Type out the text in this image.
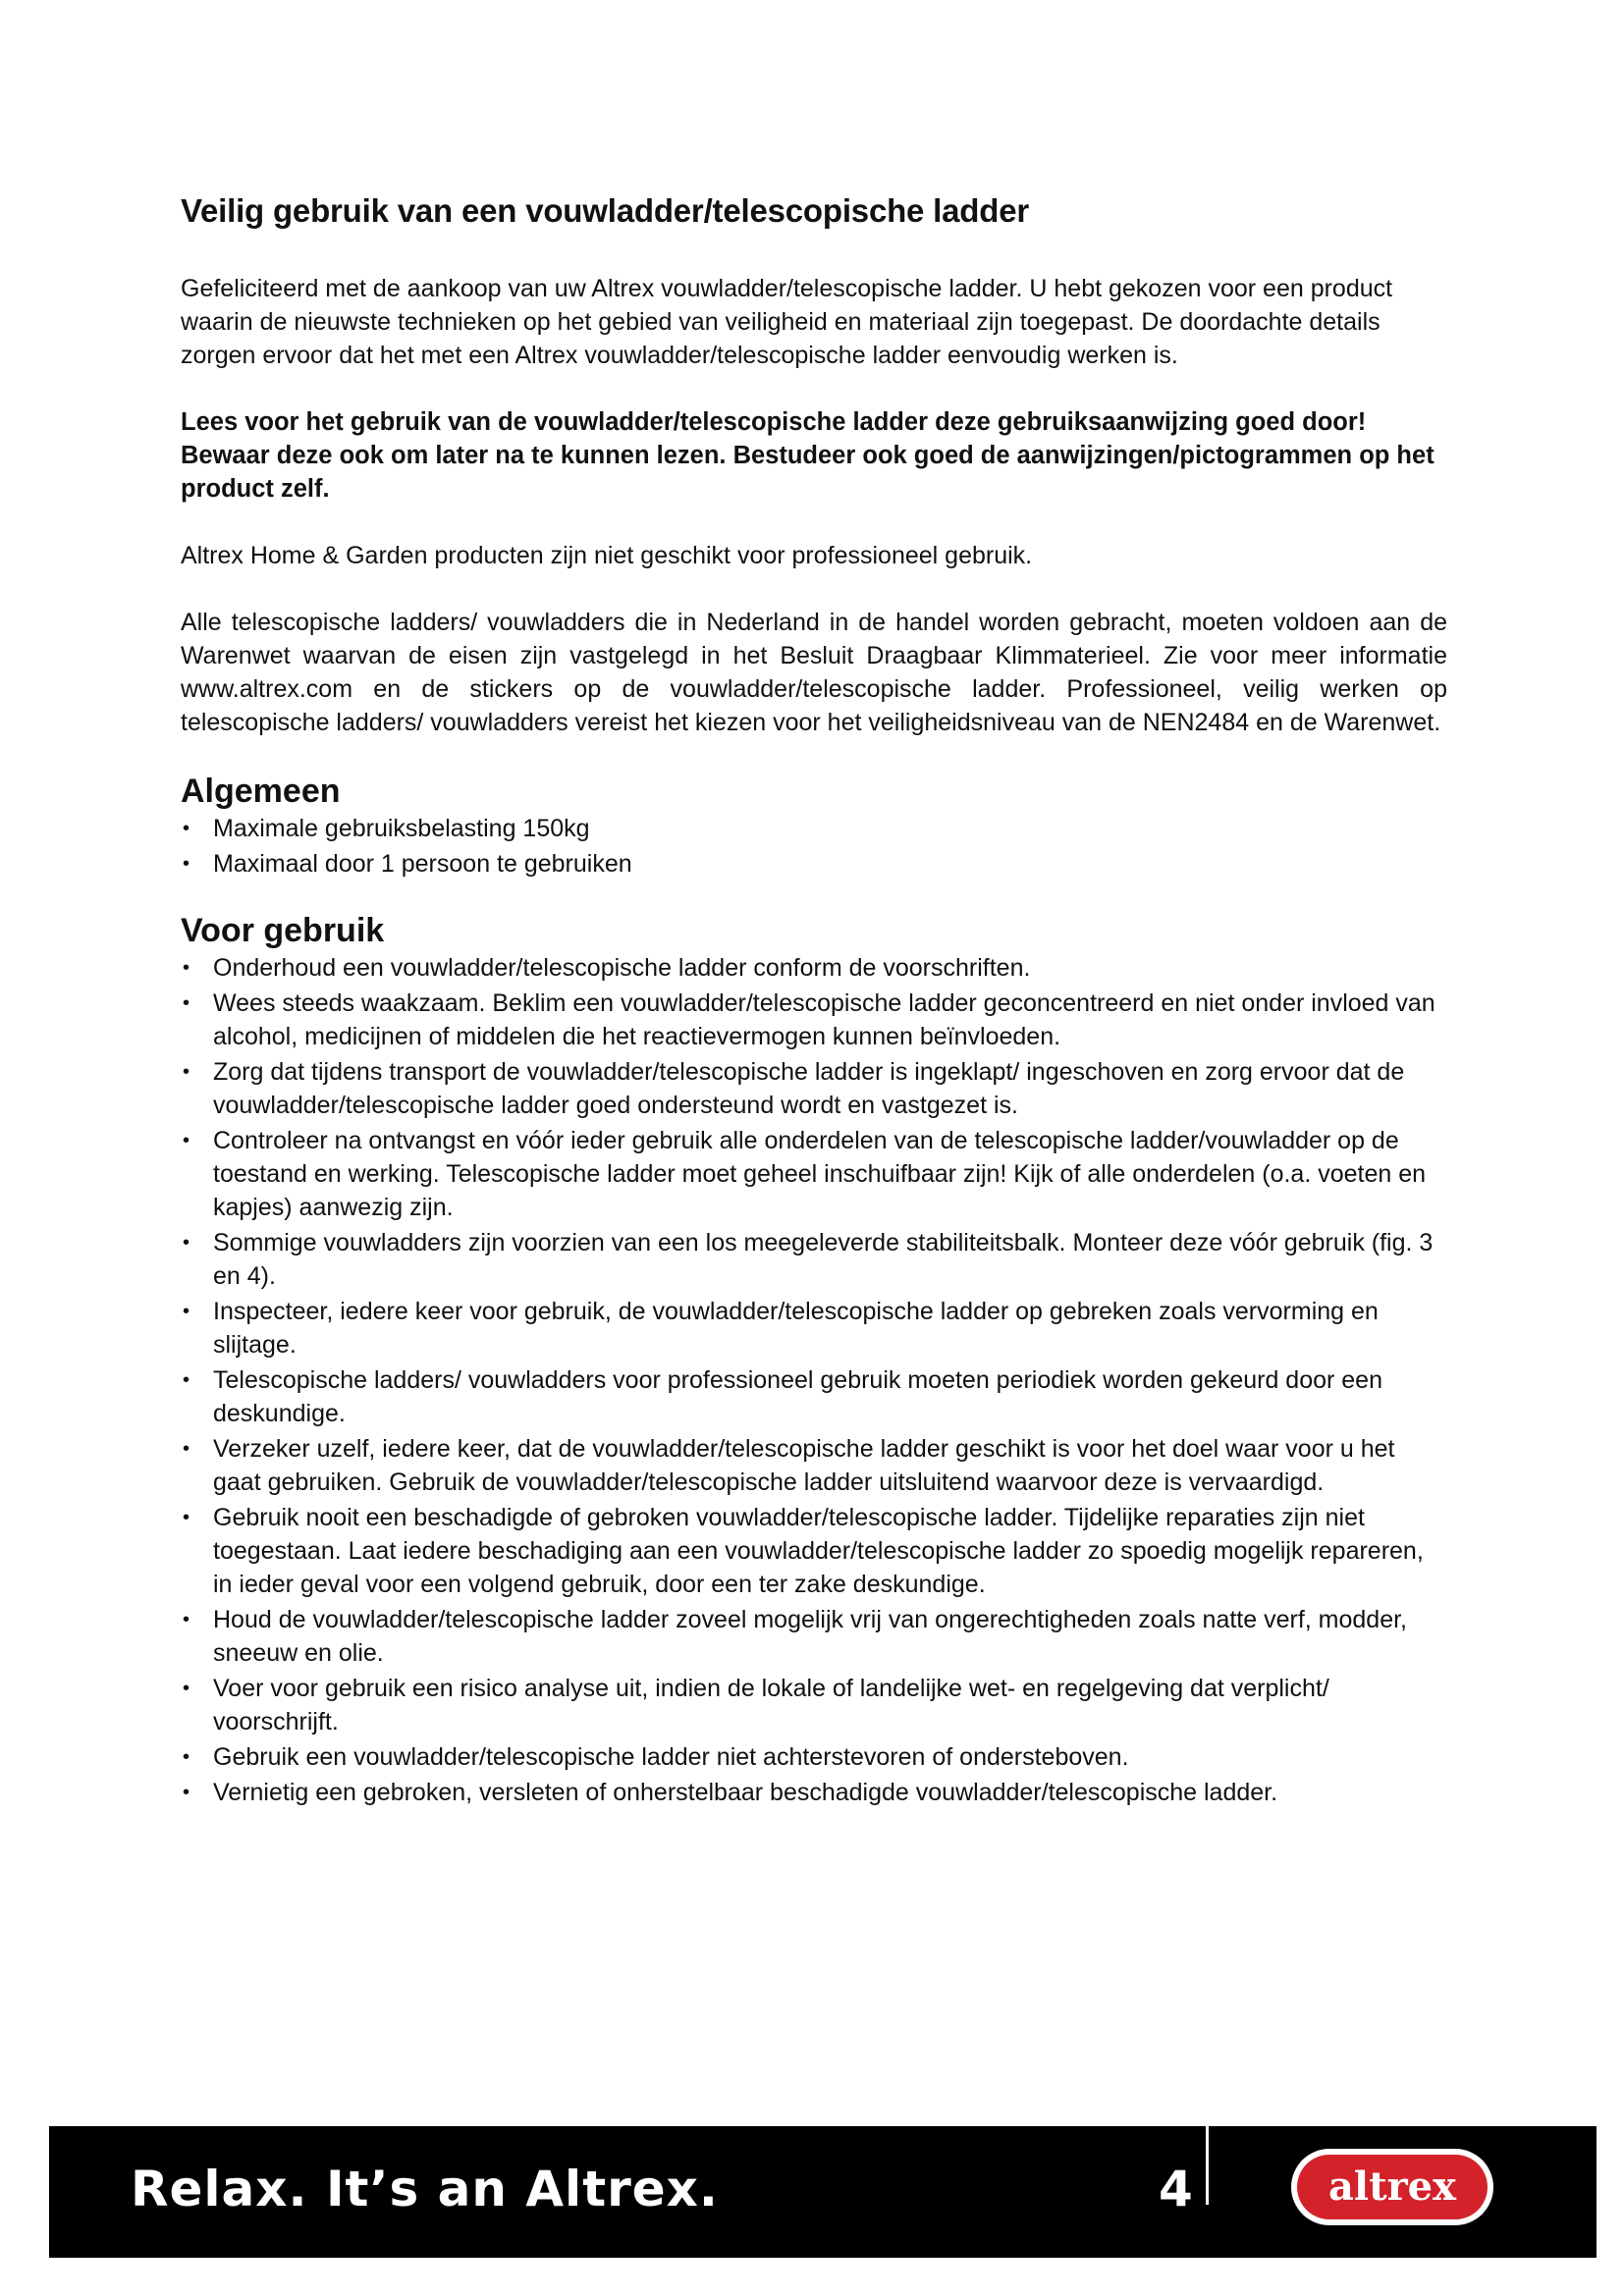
Veilig gebruik van een vouwladder/telescopische ladder

Gefeliciteerd met de aankoop van uw Altrex vouwladder/telescopische ladder. U hebt gekozen voor een product waarin de nieuwste technieken op het gebied van veiligheid en materiaal zijn toegepast. De doordachte details zorgen ervoor dat het met een Altrex vouwladder/telescopische ladder eenvoudig werken is.

Lees voor het gebruik van de vouwladder/telescopische ladder deze gebruiksaanwijzing goed door! Bewaar deze ook om later na te kunnen lezen. Bestudeer ook goed de aanwijzingen/pictogrammen op het product zelf.

Altrex Home & Garden producten zijn niet geschikt voor professioneel gebruik.

Alle telescopische ladders/ vouwladders die in Nederland in de handel worden gebracht, moeten voldoen aan de Warenwet waarvan de eisen zijn vastgelegd in het Besluit Draagbaar Klimmaterieel. Zie voor meer informatie www.altrex.com en de stickers op de vouwladder/telescopische ladder. Professioneel, veilig werken op telescopische ladders/ vouwladders vereist het kiezen voor het veiligheidsniveau van de NEN2484 en de Warenwet.

Algemeen
• Maximale gebruiksbelasting 150kg
• Maximaal door 1 persoon te gebruiken
Voor gebruik
• Onderhoud een vouwladder/telescopische ladder conform de voorschriften.
• Wees steeds waakzaam. Beklim een vouwladder/telescopische ladder geconcentreerd en niet onder invloed van alcohol, medicijnen of middelen die het reactievermogen kunnen beïnvloeden.
• Zorg dat tijdens transport de vouwladder/telescopische ladder is ingeklapt/ ingeschoven en zorg ervoor dat de vouwladder/telescopische ladder goed ondersteund wordt en vastgezet is.
• Controleer na ontvangst en vóór ieder gebruik alle onderdelen van de telescopische ladder/vouwladder op de toestand en werking. Telescopische ladder moet geheel inschuifbaar zijn! Kijk of alle onderdelen (o.a. voeten en kapjes) aanwezig zijn.
• Sommige vouwladders zijn voorzien van een los meegeleverde stabiliteitsbalk. Monteer deze vóór gebruik (fig. 3 en 4).
• Inspecteer, iedere keer voor gebruik, de vouwladder/telescopische ladder op gebreken zoals vervorming en slijtage.
• Telescopische ladders/ vouwladders voor professioneel gebruik moeten periodiek worden gekeurd door een deskundige.
• Verzeker uzelf, iedere keer, dat de vouwladder/telescopische ladder geschikt is voor het doel waar voor u het gaat gebruiken. Gebruik de vouwladder/telescopische ladder uitsluitend waarvoor deze is vervaardigd.
• Gebruik nooit een beschadigde of gebroken vouwladder/telescopische ladder. Tijdelijke reparaties zijn niet toegestaan. Laat iedere beschadiging aan een vouwladder/telescopische ladder zo spoedig mogelijk repareren, in ieder geval voor een volgend gebruik, door een ter zake deskundige.
• Houd de vouwladder/telescopische ladder zoveel mogelijk vrij van ongerechtigheden zoals natte verf, modder, sneeuw en olie.
• Voer voor gebruik een risico analyse uit, indien de lokale of landelijke wet- en regelgeving dat verplicht/ voorschrijft.
• Gebruik een vouwladder/telescopische ladder niet achterstevoren of ondersteboven.
• Vernietig een gebroken, versleten of onherstelbaar beschadigde vouwladder/telescopische ladder.
Relax. It’s an Altrex.	4	altrex
